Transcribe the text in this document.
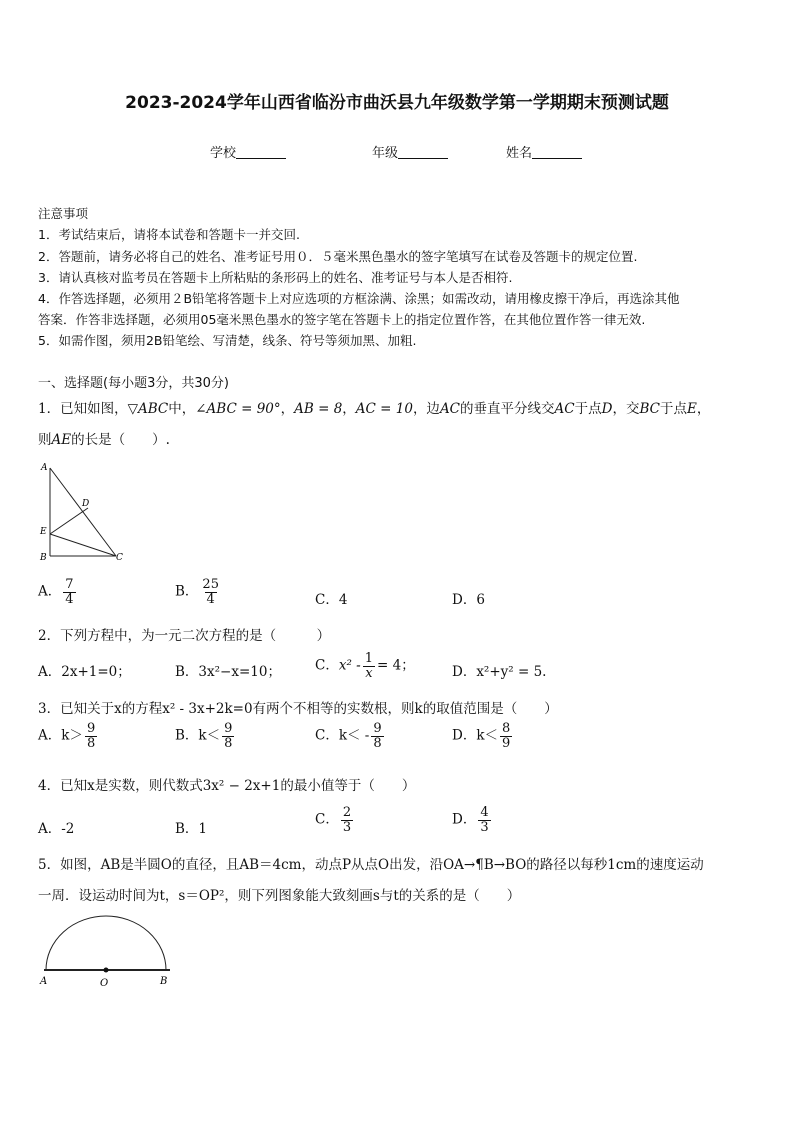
2023-2024学年山西省临汾市曲沃县九年级数学第一学期期末预测试题
学校	年级	姓名
注意事项
1．考试结束后，请将本试卷和答题卡一并交回.
2．答题前，请务必将自己的姓名、准考证号用０．５毫米黑色墨水的签字笔填写在试卷及答题卡的规定位置.
3．请认真核对监考员在答题卡上所粘贴的条形码上的姓名、准考证号与本人是否相符.
4．作答选择题，必须用２B铅笔将答题卡上对应选项的方框涂满、涂黑；如需改动，请用橡皮擦干净后，再选涂其他
答案．作答非选择题，必须用05毫米黑色墨水的签字笔在答题卡上的指定位置作答，在其他位置作答一律无效.
5．如需作图，须用2B铅笔绘、写清楚，线条、符号等须加黑、加粗.
一、选择题(每小题3分，共30分)
1．已知如图，▽ABC中，∠ABC = 90°，AB = 8，AC = 10，边AC的垂直平分线交AC于点D，交BC于点E，
则AE的长是（　　）.
A
D
E
B	C
A． $\frac{7}{4}$	B． $\frac{25}{4}$	C．4	D．6
2．下列方程中，为一元二次方程的是（　　　）
A．2x+1=0；	B．3x²−x=10；	C．$x^2 - \frac{1}{x} = 4$；	D．x²+y² = 5.
3．已知关于x的方程x² - 3x+2k=0有两个不相等的实数根，则k的取值范围是（　　）
A．$k> \frac{9}{8}$	B．$k< \frac{9}{8}$	C．$k< - \frac{9}{8}$	D．$k< \frac{8}{9}$
4．已知x是实数，则代数式3x² − 2x+1的最小值等于（　　）
A．-2	B．1
C． $\frac{2}{3}$	D． $\frac{4}{3}$
5．如图，AB是半圆O的直径，且AB＝4cm，动点P从点O出发，沿OA→¶B→BO的路径以每秒1cm的速度运动
一周．设运动时间为t，s＝OP²，则下列图象能大致刻画s与t的关系的是（　　）
A	O	B
